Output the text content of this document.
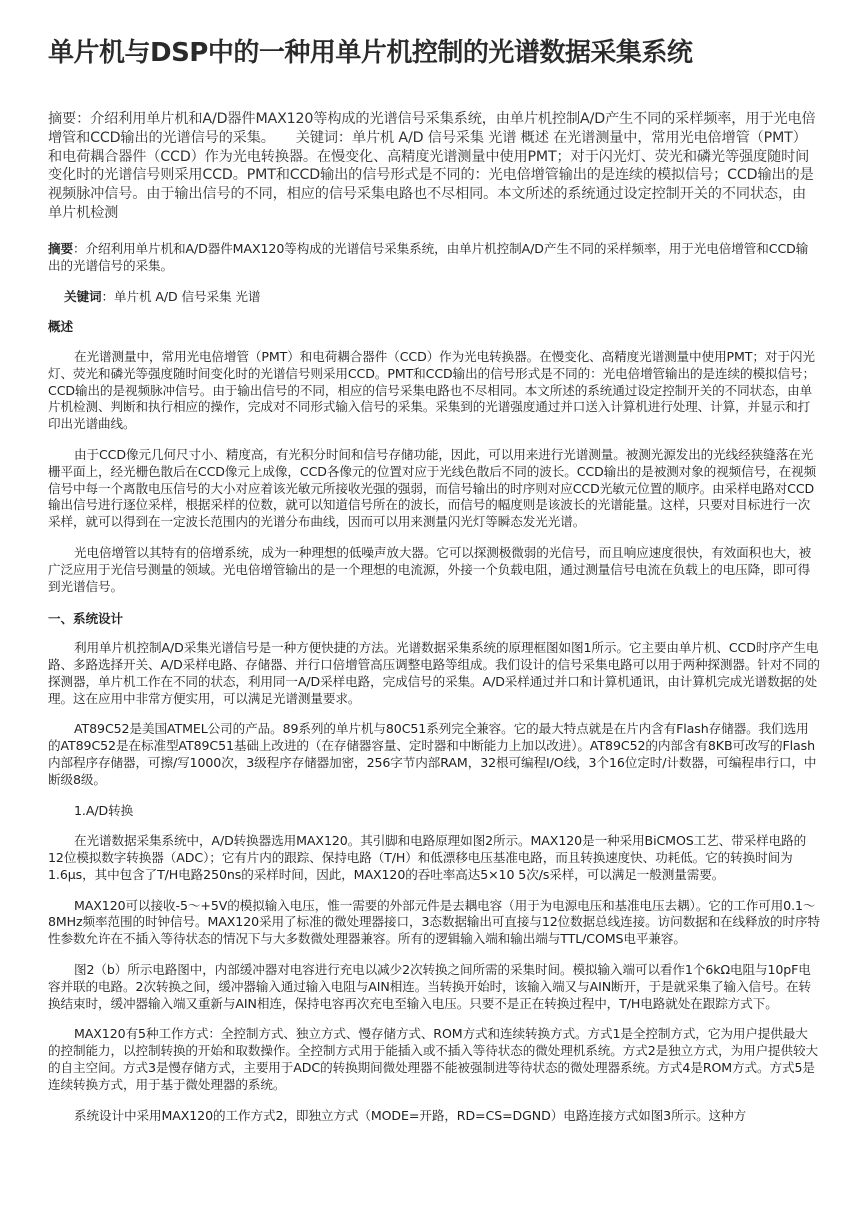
单片机与DSP中的一种用单片机控制的光谱数据采集系统

摘要：介绍利用单片机和A/D器件MAX120等构成的光谱信号采集系统，由单片机控制A/D产生不同的采样频率，用于光电倍增管和CCD输出的光谱信号的采集。　　关键词：单片机 A/D 信号采集 光谱 概述 在光谱测量中，常用光电倍增管（PMT）和电荷耦合器件（CCD）作为光电转换器。在慢变化、高精度光谱测量中使用PMT；对于闪光灯、荧光和磷光等强度随时间变化时的光谱信号则采用CCD。PMT和CCD输出的信号形式是不同的：光电倍增管输出的是连续的模拟信号；CCD输出的是视频脉冲信号。由于输出信号的不同，相应的信号采集电路也不尽相同。本文所述的系统通过设定控制开关的不同状态，由单片机检测

摘要：介绍利用单片机和A/D器件MAX120等构成的光谱信号采集系统，由单片机控制A/D产生不同的采样频率，用于光电倍增管和CCD输出的光谱信号的采集。

关键词：单片机 A/D 信号采集 光谱

概述

在光谱测量中，常用光电倍增管（PMT）和电荷耦合器件（CCD）作为光电转换器。在慢变化、高精度光谱测量中使用PMT；对于闪光灯、荧光和磷光等强度随时间变化时的光谱信号则采用CCD。PMT和CCD输出的信号形式是不同的：光电倍增管输出的是连续的模拟信号；CCD输出的是视频脉冲信号。由于输出信号的不同，相应的信号采集电路也不尽相同。本文所述的系统通过设定控制开关的不同状态，由单片机检测、判断和执行相应的操作，完成对不同形式输入信号的采集。采集到的光谱强度通过并口送入计算机进行处理、计算，并显示和打印出光谱曲线。

由于CCD像元几何尺寸小、精度高，有光积分时间和信号存储功能，因此，可以用来进行光谱测量。被测光源发出的光线经狭缝落在光栅平面上，经光栅色散后在CCD像元上成像，CCD各像元的位置对应于光线色散后不同的波长。CCD输出的是被测对象的视频信号，在视频信号中每一个离散电压信号的大小对应着该光敏元所接收光强的强弱，而信号输出的时序则对应CCD光敏元位置的顺序。由采样电路对CCD输出信号进行逐位采样，根据采样的位数，就可以知道信号所在的波长，而信号的幅度则是该波长的光谱能量。这样，只要对目标进行一次采样，就可以得到在一定波长范围内的光谱分布曲线，因而可以用来测量闪光灯等瞬态发光光谱。

光电倍增管以其特有的倍增系统，成为一种理想的低噪声放大器。它可以探测极微弱的光信号，而且响应速度很快，有效面积也大，被广泛应用于光信号测量的领域。光电倍增管输出的是一个理想的电流源，外接一个负载电阻，通过测量信号电流在负载上的电压降，即可得到光谱信号。

一、系统设计

利用单片机控制A/D采集光谱信号是一种方便快捷的方法。光谱数据采集系统的原理框图如图1所示。它主要由单片机、CCD时序产生电路、多路选择开关、A/D采样电路、存储器、并行口倍增管高压调整电路等组成。我们设计的信号采集电路可以用于两种探测器。针对不同的探测器，单片机工作在不同的状态，利用同一A/D采样电路，完成信号的采集。A/D采样通过并口和计算机通讯，由计算机完成光谱数据的处理。这在应用中非常方便实用，可以满足光谱测量要求。

AT89C52是美国ATMEL公司的产品。89系列的单片机与80C51系列完全兼容。它的最大特点就是在片内含有Flash存储器。我们选用的AT89C52是在标准型AT89C51基础上改进的（在存储器容量、定时器和中断能力上加以改进）。AT89C52的内部含有8KB可改写的Flash内部程序存储器，可擦/写1000次，3级程序存储器加密，256字节内部RAM，32根可编程I/O线，3个16位定时/计数器，可编程串行口，中断级8级。

1.A/D转换

在光谱数据采集系统中，A/D转换器选用MAX120。其引脚和电路原理如图2所示。MAX120是一种采用BiCMOS工艺、带采样电路的12位模拟数字转换器（ADC）；它有片内的跟踪、保持电路（T/H）和低漂移电压基准电路，而且转换速度快、功耗低。它的转换时间为1.6μs，其中包含了T/H电路250ns的采样时间，因此，MAX120的吞吐率高达5×10 5次/s采样，可以满足一般测量需要。

MAX120可以接收-5～+5V的模拟输入电压，惟一需要的外部元件是去耦电容（用于为电源电压和基准电压去耦）。它的工作可用0.1～8MHz频率范围的时钟信号。MAX120采用了标准的微处理器接口，3态数据输出可直接与12位数据总线连接。访问数据和在线释放的时序特性参数允许在不插入等待状态的情况下与大多数微处理器兼容。所有的逻辑输入端和输出端与TTL/COMS电平兼容。

图2（b）所示电路图中，内部缓冲器对电容进行充电以减少2次转换之间所需的采集时间。模拟输入端可以看作1个6kΩ电阻与10pF电容并联的电路。2次转换之间，缓冲器输入通过输入电阻与AIN相连。当转换开始时，该输入端又与AIN断开，于是就采集了输入信号。在转换结束时，缓冲器输入端又重新与AIN相连，保持电容再次充电至输入电压。只要不是正在转换过程中，T/H电路就处在跟踪方式下。

MAX120有5种工作方式：全控制方式、独立方式、慢存储方式、ROM方式和连续转换方式。方式1是全控制方式，它为用户提供最大的控制能力，以控制转换的开始和取数操作。全控制方式用于能插入或不插入等待状态的微处理机系统。方式2是独立方式，为用户提供较大的自主空间。方式3是慢存储方式，主要用于ADC的转换期间微处理器不能被强制进等待状态的微处理器系统。方式4是ROM方式。方式5是连续转换方式，用于基于微处理器的系统。

系统设计中采用MAX120的工作方式2，即独立方式（MODE=开路，RD=CS=DGND）电路连接方式如图3所示。这种方
